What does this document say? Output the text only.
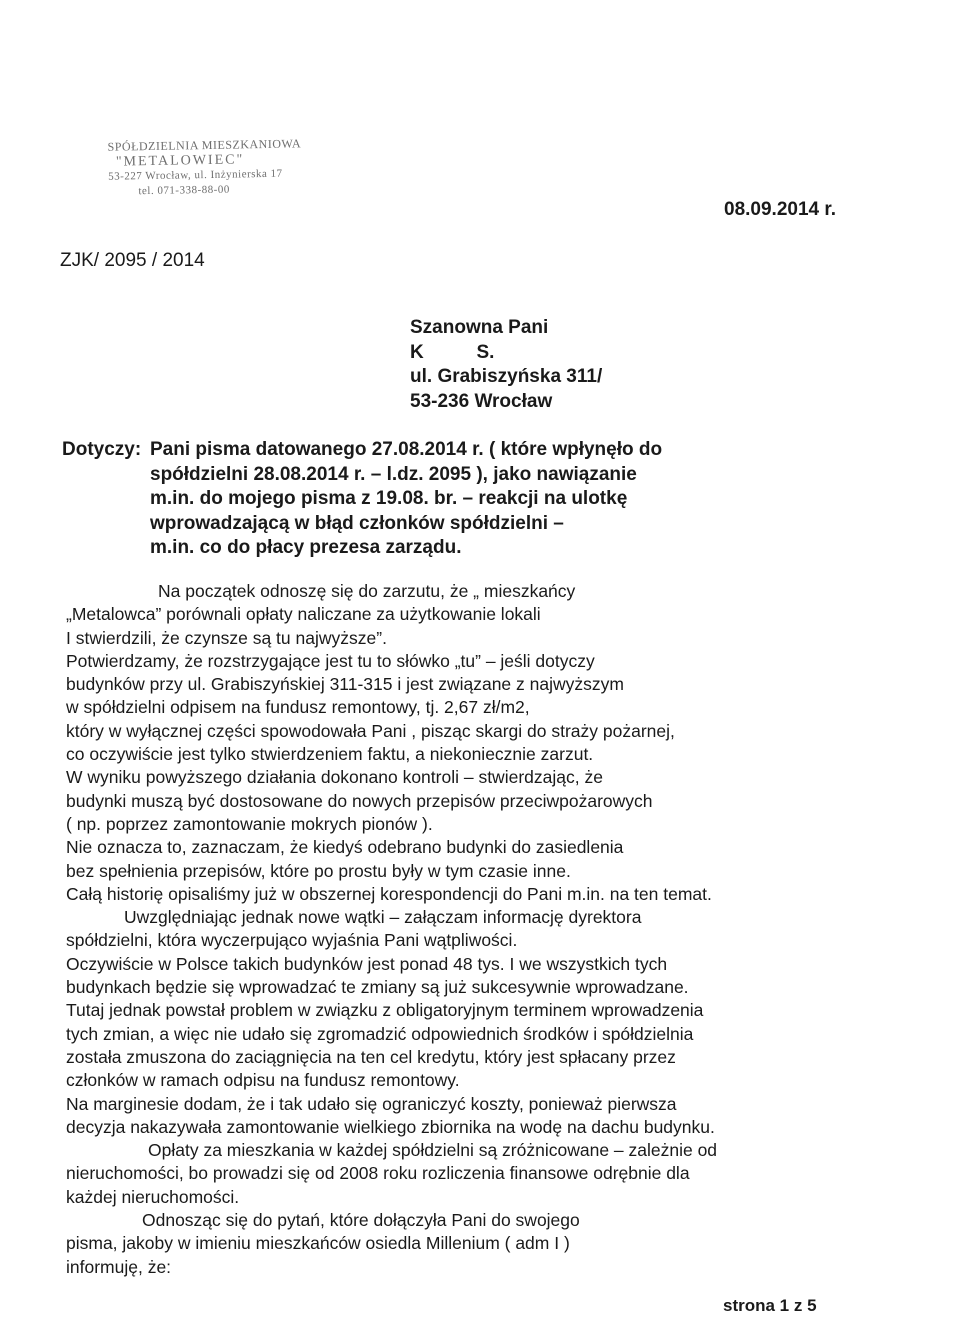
SPÓŁDZIELNIA MIESZKANIOWA
"METALOWIEC"
53-227 Wrocław, ul. Inżynierska 17
tel. 071-338-88-00
08.09.2014 r.
ZJK/ 2095 / 2014
Szanowna Pani
K          S.
ul. Grabiszyńska 311/
53-236 Wrocław
Dotyczy: Pani pisma datowanego 27.08.2014 r. ( które wpłynęło do
spółdzielni 28.08.2014 r. – l.dz. 2095 ), jako nawiązanie
m.in. do mojego pisma z 19.08. br. – reakcji na ulotkę
wprowadzającą w błąd członków spółdzielni –
m.in. co do płacy prezesa zarządu.
Na początek odnoszę się do zarzutu, że „ mieszkańcy
„Metalowca” porównali opłaty naliczane za użytkowanie lokali
I stwierdzili, że czynsze są tu najwyższe”.
Potwierdzamy, że rozstrzygające jest tu to słówko „tu” – jeśli dotyczy
budynków przy ul. Grabiszyńskiej 311-315 i jest związane z najwyższym
w spółdzielni odpisem na fundusz remontowy, tj. 2,67 zł/m2,
który w wyłącznej części spowodowała Pani , pisząc skargi do straży pożarnej,
co oczywiście jest tylko stwierdzeniem faktu, a niekoniecznie zarzut.
W wyniku powyższego działania dokonano kontroli – stwierdzając, że
budynki muszą być dostosowane do nowych przepisów przeciwpożarowych
( np. poprzez zamontowanie mokrych pionów ).
Nie oznacza to, zaznaczam, że kiedyś odebrano budynki do zasiedlenia
bez spełnienia przepisów, które po prostu były w tym czasie inne.
Całą historię opisaliśmy już w obszernej korespondencji do Pani m.in. na ten temat.
Uwzględniając jednak nowe wątki – załączam informację dyrektora
spółdzielni, która wyczerpująco wyjaśnia Pani wątpliwości.
Oczywiście w Polsce takich budynków jest ponad 48 tys. I we wszystkich tych
budynkach będzie się wprowadzać te zmiany są już sukcesywnie wprowadzane.
Tutaj jednak powstał problem w związku z obligatoryjnym terminem wprowadzenia
tych zmian, a więc nie udało się zgromadzić odpowiednich środków i spółdzielnia
została zmuszona do zaciągnięcia na ten cel kredytu, który jest spłacany przez
członków w ramach odpisu na fundusz remontowy.
Na marginesie dodam, że i tak udało się ograniczyć koszty, ponieważ pierwsza
decyzja nakazywała zamontowanie wielkiego zbiornika na wodę na dachu budynku.
Opłaty za mieszkania w każdej spółdzielni są zróżnicowane – zależnie od
nieruchomości, bo prowadzi się od 2008 roku rozliczenia finansowe odrębnie dla
każdej nieruchomości.
Odnosząc się do pytań, które dołączyła Pani do swojego
pisma, jakoby w imieniu mieszkańców osiedla Millenium ( adm I )
informuję, że:
strona 1 z 5
